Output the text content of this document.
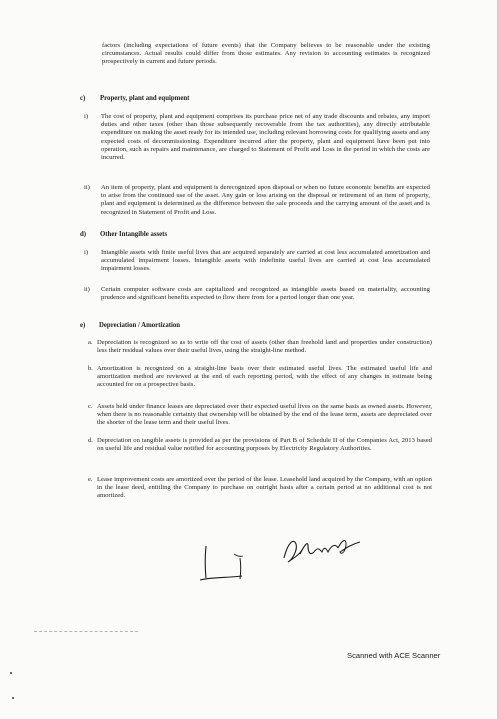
factors (including expectations of future events) that the Company believes to be reasonable under the existing circumstances. Actual results could differ from those estimates. Any revision to accounting estimates is recognized prospectively in current and future periods.
c) Property, plant and equipment
i) The cost of property, plant and equipment comprises its purchase price net of any trade discounts and rebates, any import duties and other taxes (other than those subsequently recoverable from the tax authorities), any directly attributable expenditure on making the asset ready for its intended use, including relevant borrowing costs for qualifying assets and any expected costs of decommissioning. Expenditure incurred after the property, plant and equipment have been put into operation, such as repairs and maintenance, are charged to Statement of Profit and Loss in the period in which the costs are incurred.
ii) An item of property, plant and equipment is derecognized upon disposal or when no future economic benefits are expected to arise from the continued use of the asset. Any gain or loss arising on the disposal or retirement of an item of property, plant and equipment is determined as the difference between the sale proceeds and the carrying amount of the asset and is recognized in Statement of Profit and Loss.
d) Other Intangible assets
i) Intangible assets with finite useful lives that are acquired separately are carried at cost less accumulated amortization and accumulated impairment losses. Intangible assets with indefinite useful lives are carried at cost less accumulated impairment losses.
ii) Certain computer software costs are capitalized and recognized as intangible assets based on materiality, accounting prudence and significant benefits expected to flow there from for a period longer than one year.
e) Depreciation / Amortization
a. Depreciation is recognized so as to write off the cost of assets (other than freehold land and properties under construction) less their residual values over their useful lives, using the straight-line method.
b. Amortization is recognized on a straight-line basis over their estimated useful lives. The estimated useful life and amortization method are reviewed at the end of each reporting period, with the effect of any changes in estimate being accounted for on a prospective basis.
c. Assets held under finance leases are depreciated over their expected useful lives on the same basis as owned assets. However, when there is no reasonable certainty that ownership will be obtained by the end of the lease term, assets are depreciated over the shorter of the lease term and their useful lives.
d. Depreciation on tangible assets is provided as per the provisions of Part B of Schedule II of the Companies Act, 2013 based on useful life and residual value notified for accounting purposes by Electricity Regulatory Authorities.
e. Lease improvement costs are amortized over the period of the lease. Leasehold land acquired by the Company, with an option in the lease deed, entitling the Company to purchase on outright basis after a certain period at no additional cost is not amortized.
Scanned with ACE Scanner
